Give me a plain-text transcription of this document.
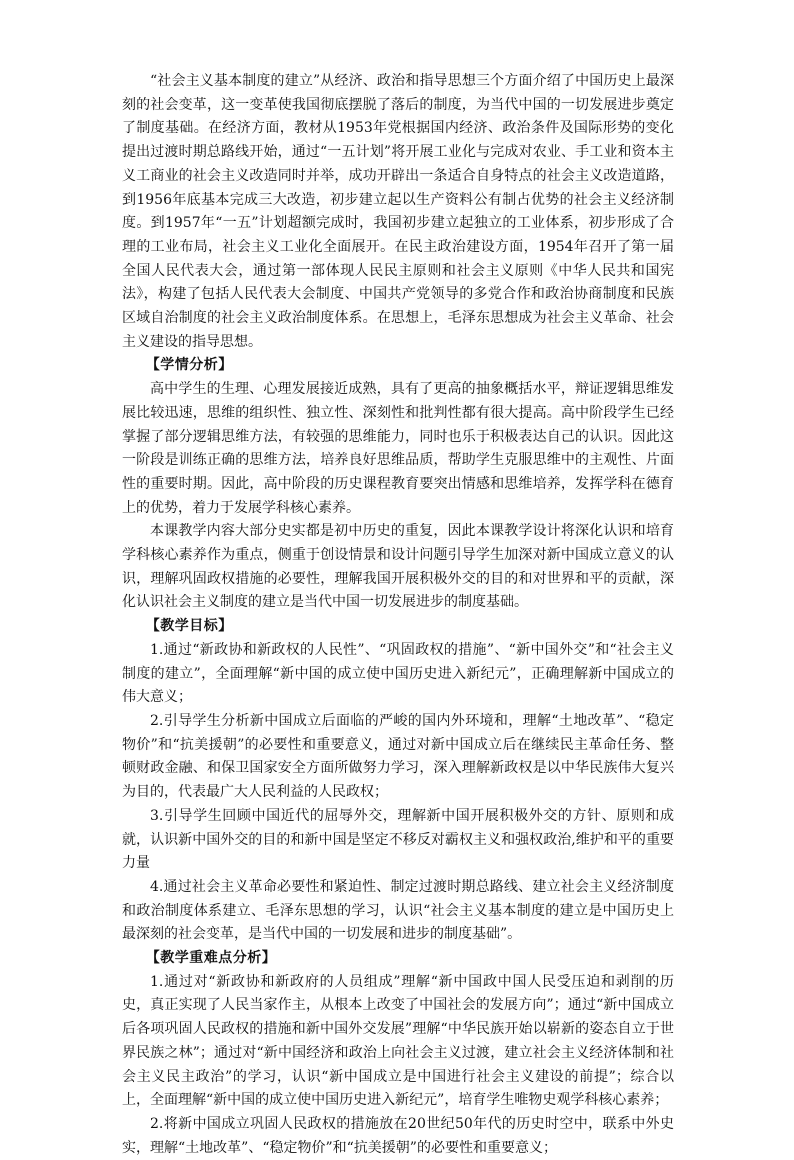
“社会主义基本制度的建立”从经济、政治和指导思想三个方面介绍了中国历史上最深刻的社会变革，这一变革使我国彻底摆脱了落后的制度，为当代中国的一切发展进步奠定了制度基础。在经济方面，教材从1953年党根据国内经济、政治条件及国际形势的变化提出过渡时期总路线开始，通过“一五计划”将开展工业化与完成对农业、手工业和资本主义工商业的社会主义改造同时并举，成功开辟出一条适合自身特点的社会主义改造道路，到1956年底基本完成三大改造，初步建立起以生产资料公有制占优势的社会主义经济制度。到1957年“一五”计划超额完成时，我国初步建立起独立的工业体系，初步形成了合理的工业布局，社会主义工业化全面展开。在民主政治建设方面，1954年召开了第一届全国人民代表大会，通过第一部体现人民民主原则和社会主义原则《中华人民共和国宪法》，构建了包括人民代表大会制度、中国共产党领导的多党合作和政治协商制度和民族区域自治制度的社会主义政治制度体系。在思想上，毛泽东思想成为社会主义革命、社会主义建设的指导思想。

【学情分析】

高中学生的生理、心理发展接近成熟，具有了更高的抽象概括水平，辩证逻辑思维发展比较迅速，思维的组织性、独立性、深刻性和批判性都有很大提高。高中阶段学生已经掌握了部分逻辑思维方法，有较强的思维能力，同时也乐于积极表达自己的认识。因此这一阶段是训练正确的思维方法，培养良好思维品质，帮助学生克服思维中的主观性、片面性的重要时期。因此，高中阶段的历史课程教育要突出情感和思维培养，发挥学科在德育上的优势，着力于发展学科核心素养。

本课教学内容大部分史实都是初中历史的重复，因此本课教学设计将深化认识和培育学科核心素养作为重点，侧重于创设情景和设计问题引导学生加深对新中国成立意义的认识，理解巩固政权措施的必要性，理解我国开展积极外交的目的和对世界和平的贡献，深化认识社会主义制度的建立是当代中国一切发展进步的制度基础。

【教学目标】

1.通过“新政协和新政权的人民性”、“巩固政权的措施”、“新中国外交”和“社会主义制度的建立”，全面理解“新中国的成立使中国历史进入新纪元”，正确理解新中国成立的伟大意义；

2.引导学生分析新中国成立后面临的严峻的国内外环境和，理解“土地改革”、“稳定物价”和“抗美援朝”的必要性和重要意义，通过对新中国成立后在继续民主革命任务、整顿财政金融、和保卫国家安全方面所做努力学习，深入理解新政权是以中华民族伟大复兴为目的，代表最广大人民利益的人民政权；

3.引导学生回顾中国近代的屈辱外交，理解新中国开展积极外交的方针、原则和成就，认识新中国外交的目的和新中国是坚定不移反对霸权主义和强权政治,维护和平的重要力量

4.通过社会主义革命必要性和紧迫性、制定过渡时期总路线、建立社会主义经济制度和政治制度体系建立、毛泽东思想的学习，认识“社会主义基本制度的建立是中国历史上最深刻的社会变革，是当代中国的一切发展和进步的制度基础”。

【教学重难点分析】

1.通过对“新政协和新政府的人员组成”理解“新中国政中国人民受压迫和剥削的历史，真正实现了人民当家作主，从根本上改变了中国社会的发展方向”；通过“新中国成立后各项巩固人民政权的措施和新中国外交发展”理解“中华民族开始以崭新的姿态自立于世界民族之林”；通过对“新中国经济和政治上向社会主义过渡，建立社会主义经济体制和社会主义民主政治”的学习，认识“新中国成立是中国进行社会主义建设的前提”；综合以上，全面理解“新中国的成立使中国历史进入新纪元”，培育学生唯物史观学科核心素养；

2.将新中国成立巩固人民政权的措施放在20世纪50年代的历史时空中，联系中外史实，理解“土地改革”、“稳定物价”和“抗美援朝”的必要性和重要意义；
